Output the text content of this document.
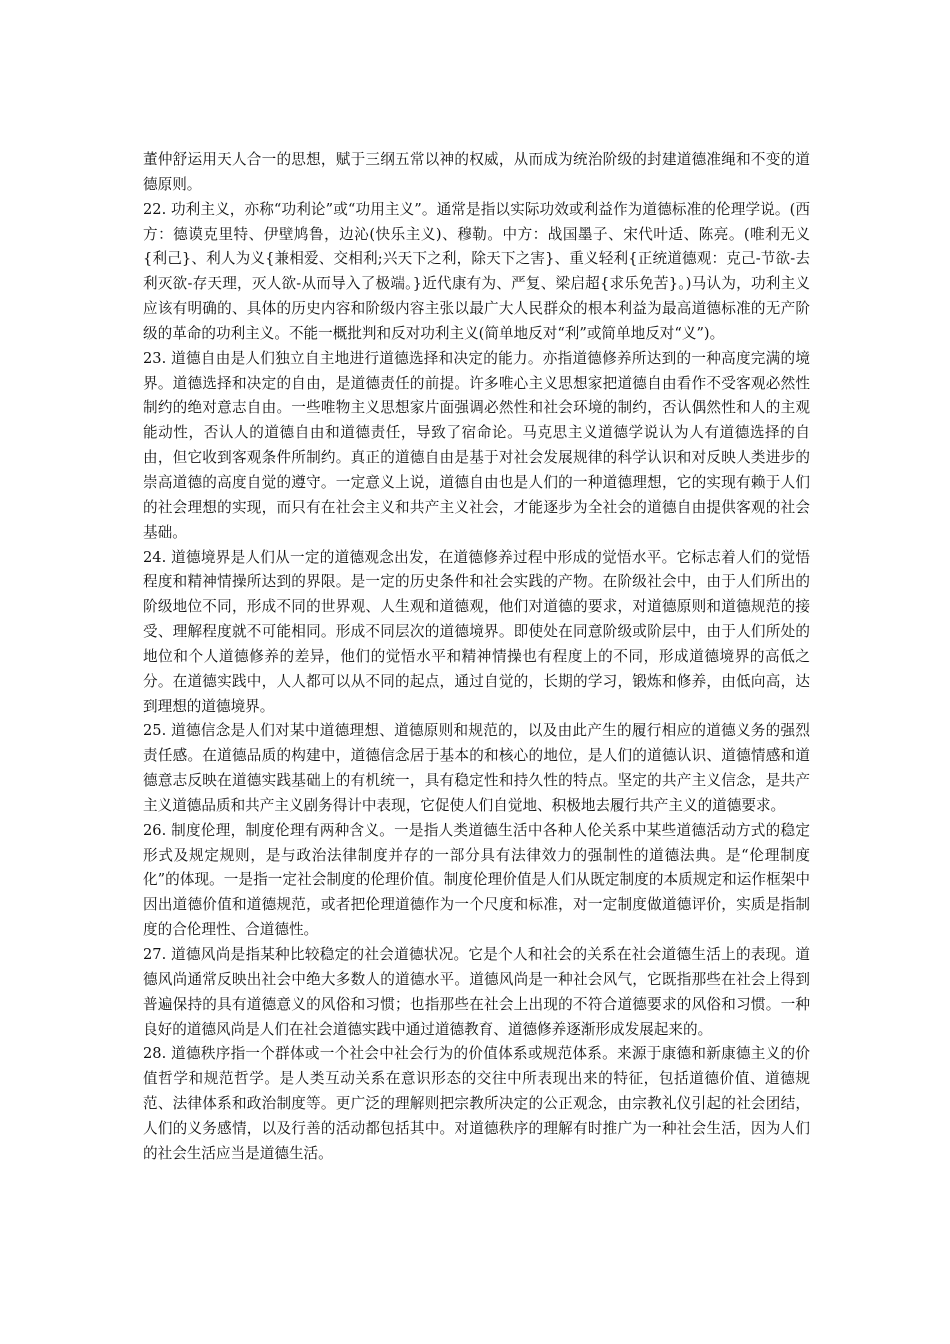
董仲舒运用天人合一的思想，赋于三纲五常以神的权威，从而成为统治阶级的封建道德准绳和不变的道德原则。

22. 功利主义，亦称“功利论”或“功用主义”。通常是指以实际功效或利益作为道德标准的伦理学说。(西方：德谟克里特、伊壁鸠鲁，边沁(快乐主义)、穆勒。中方：战国墨子、宋代叶适、陈亮。(唯利无义{利己}、利人为义{兼相爱、交相利;兴天下之利，除天下之害}、重义轻利{正统道德观：克己-节欲-去利灭欲-存天理，灭人欲-从而导入了极端。}近代康有为、严复、梁启超{求乐免苦}。)马认为，功利主义应该有明确的、具体的历史内容和阶级内容主张以最广大人民群众的根本利益为最高道德标准的无产阶级的革命的功利主义。不能一概批判和反对功利主义(简单地反对“利”或简单地反对“义”)。

23. 道德自由是人们独立自主地进行道德选择和决定的能力。亦指道德修养所达到的一种高度完满的境界。道德选择和决定的自由，是道德责任的前提。许多唯心主义思想家把道德自由看作不受客观必然性制约的绝对意志自由。一些唯物主义思想家片面强调必然性和社会环境的制约，否认偶然性和人的主观能动性，否认人的道德自由和道德责任，导致了宿命论。马克思主义道德学说认为人有道德选择的自由，但它收到客观条件所制约。真正的道德自由是基于对社会发展规律的科学认识和对反映人类进步的崇高道德的高度自觉的遵守。一定意义上说，道德自由也是人们的一种道德理想，它的实现有赖于人们的社会理想的实现，而只有在社会主义和共产主义社会，才能逐步为全社会的道德自由提供客观的社会基础。

24. 道德境界是人们从一定的道德观念出发，在道德修养过程中形成的觉悟水平。它标志着人们的觉悟程度和精神情操所达到的界限。是一定的历史条件和社会实践的产物。在阶级社会中，由于人们所出的阶级地位不同，形成不同的世界观、人生观和道德观，他们对道德的要求，对道德原则和道德规范的接受、理解程度就不可能相同。形成不同层次的道德境界。即使处在同意阶级或阶层中，由于人们所处的地位和个人道德修养的差异，他们的觉悟水平和精神情操也有程度上的不同，形成道德境界的高低之分。在道德实践中，人人都可以从不同的起点，通过自觉的，长期的学习，锻炼和修养，由低向高，达到理想的道德境界。

25. 道德信念是人们对某中道德理想、道德原则和规范的，以及由此产生的履行相应的道德义务的强烈责任感。在道德品质的构建中，道德信念居于基本的和核心的地位，是人们的道德认识、道德情感和道德意志反映在道德实践基础上的有机统一，具有稳定性和持久性的特点。坚定的共产主义信念，是共产主义道德品质和共产主义剧务得计中表现，它促使人们自觉地、积极地去履行共产主义的道德要求。

26. 制度伦理，制度伦理有两种含义。一是指人类道德生活中各种人伦关系中某些道德活动方式的稳定形式及规定规则，是与政治法律制度并存的一部分具有法律效力的强制性的道德法典。是“伦理制度化”的体现。一是指一定社会制度的伦理价值。制度伦理价值是人们从既定制度的本质规定和运作框架中因出道德价值和道德规范，或者把伦理道德作为一个尺度和标准，对一定制度做道德评价，实质是指制度的合伦理性、合道德性。

27. 道德风尚是指某种比较稳定的社会道德状况。它是个人和社会的关系在社会道德生活上的表现。道德风尚通常反映出社会中绝大多数人的道德水平。道德风尚是一种社会风气，它既指那些在社会上得到普遍保持的具有道德意义的风俗和习惯；也指那些在社会上出现的不符合道德要求的风俗和习惯。一种良好的道德风尚是人们在社会道德实践中通过道德教育、道德修养逐渐形成发展起来的。

28. 道德秩序指一个群体或一个社会中社会行为的价值体系或规范体系。来源于康德和新康德主义的价值哲学和规范哲学。是人类互动关系在意识形态的交往中所表现出来的特征，包括道德价值、道德规范、法律体系和政治制度等。更广泛的理解则把宗教所决定的公正观念，由宗教礼仪引起的社会团结，人们的义务感情，以及行善的活动都包括其中。对道德秩序的理解有时推广为一种社会生活，因为人们的社会生活应当是道德生活。
